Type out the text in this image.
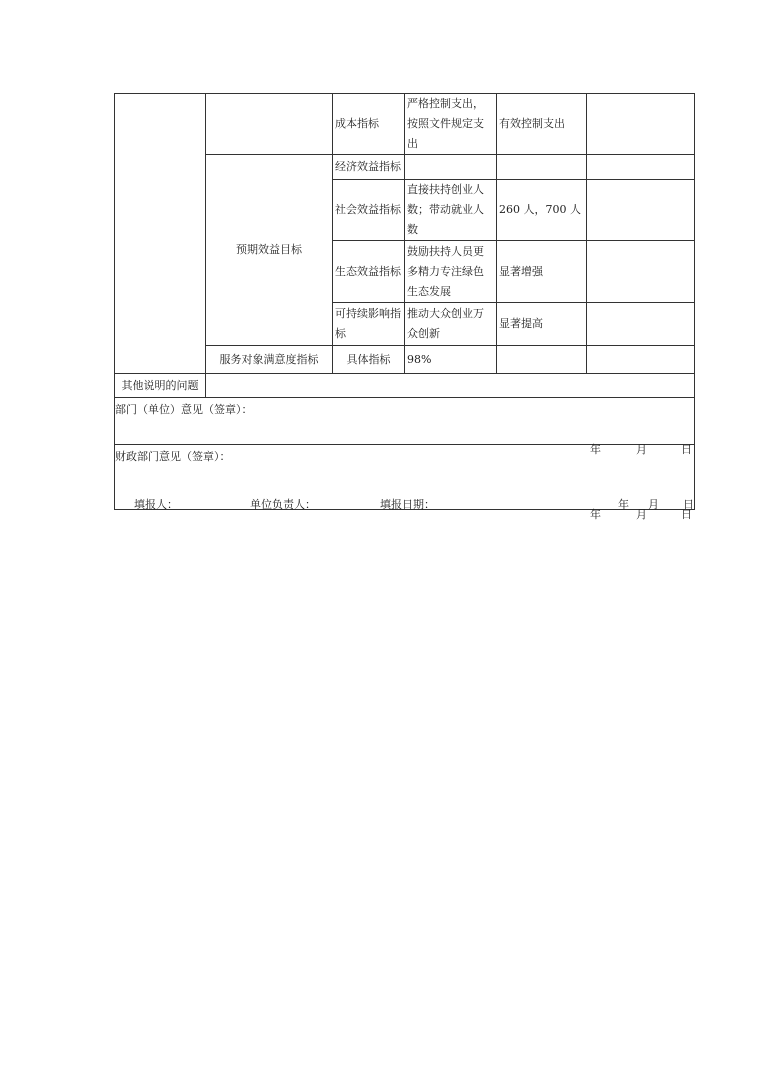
		成本指标	严格控制支出，按照文件规定支出	有效控制支出	
	预期效益目标	经济效益指标			
		社会效益指标	直接扶持创业人数；带动就业人数	260 人，700 人	
		生态效益指标	鼓励扶持人员更多精力专注绿色生态发展	显著增强	
		可持续影响指标	推动大众创业万众创新	显著提高	
	服务对象满意度指标	具体指标	98%		

其他说明的问题					

部门（单位）意见（签章）：
年 月 日					

财政部门意见（签章）：
年 月 日					
填报人：	单位负责人：	填报日期：	年 月 日
